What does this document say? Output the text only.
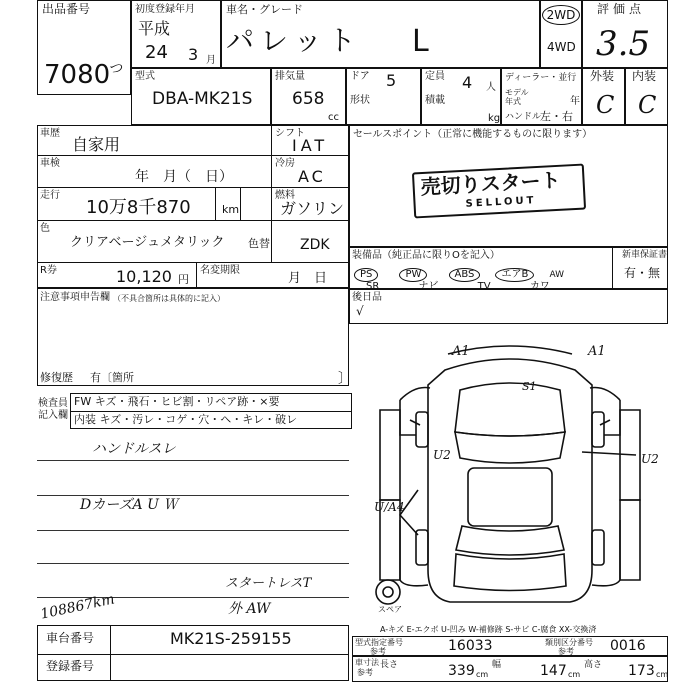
出品番号
7080
つ
初度登録年月
平成
24 3 月
車名・グレード
パレット L
2WD
4WD
評価点
3.5
型式
DBA-MK21S
排気量
658
cc
ドア 5
形状
定員 4 人
積載
kg
ディーラー・並行
モデル年式	年
ハンドル
左・右
外装
C
内装
C
車歴
自家用
シフト
IAT
車検
年　月（　日）
冷房
AC
走行
10万8千870	km
燃料
ガソリン
色
クリアベージュメタリック 色替 ZDK
R券	10,120 円
名変期限
月　日
セールスポイント（正常に機能するものに限ります）
売切りスタート
SELLOUT
装備品（純正品に限りOを記入）	新車保証書
有・無
PS	PW	ABS	エアB AW
SR	ナビ	TV	カワ
後日品
√
注意事項申告欄 （不具合箇所は具体的に記入）
修復歴 有〔箇所	〕
検査員
記入欄
FW キズ・飛石・ヒビ割・リペア跡・×要
内装 キズ・汚レ・コゲ・穴・ヘ・キレ・破レ
ハンドルスレ
DカーズA U Ｗ
スタートレスT
外 AW
108867km
A1	A1
S1
U2	U2
U/A4
スペア
車台番号	MK21S-259155
登録番号
A-キズ E-エクボ U-凹み W-補修跡 S-サビ C-腐食 XX-交換済
型式指定番号
参考	16033	類別区分番号
参考	0016
車寸法
参考
長さ	339 cm
幅	147 cm
高さ 173 cm
